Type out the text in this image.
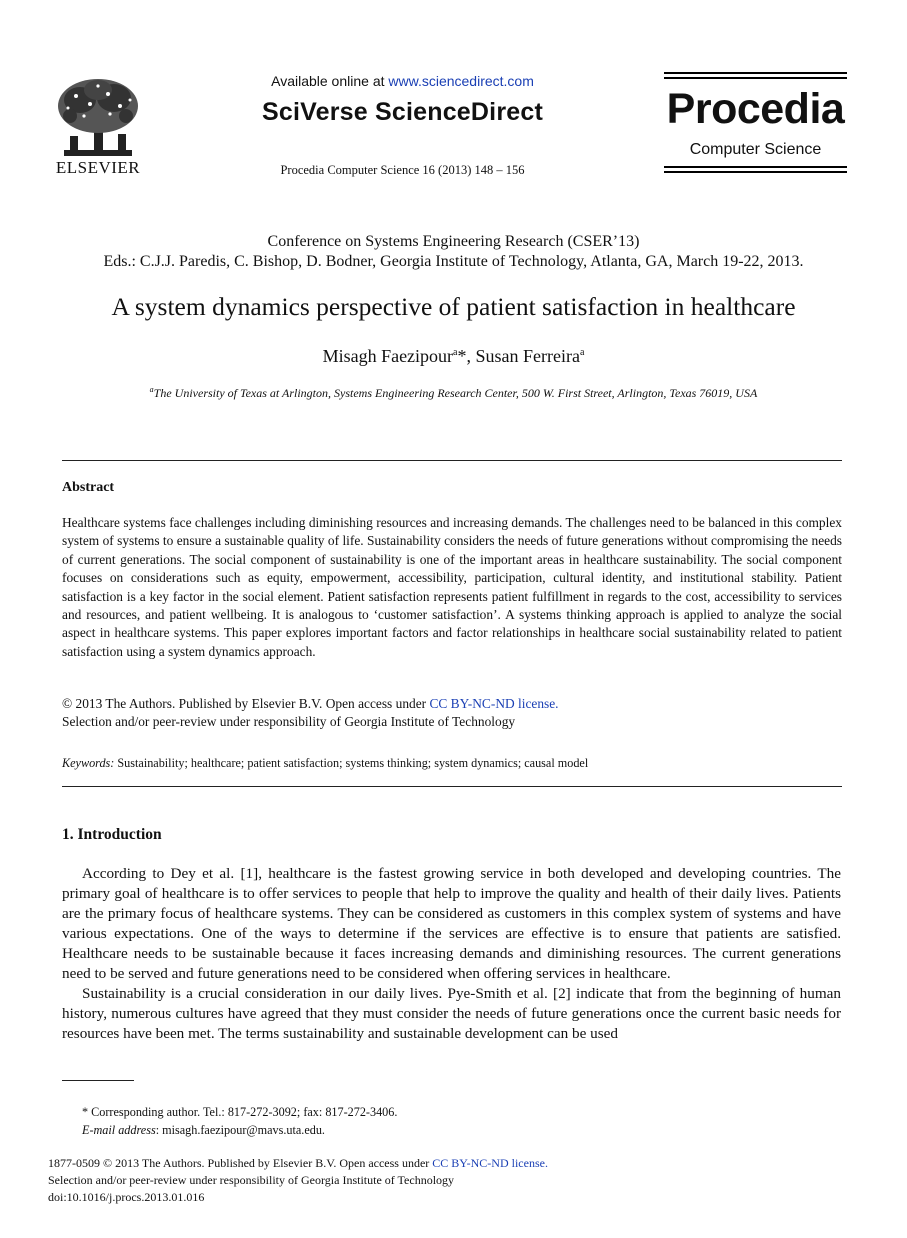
ELSEVIER
Available online at www.sciencedirect.com
SciVerse ScienceDirect
Procedia Computer Science 16 (2013) 148 – 156
Procedia
Computer Science
Conference on Systems Engineering Research (CSER’13)
Eds.: C.J.J. Paredis, C. Bishop, D. Bodner, Georgia Institute of Technology, Atlanta, GA, March 19-22, 2013.
A system dynamics perspective of patient satisfaction in healthcare
Misagh Faezipour$^a$*, Susan Ferreira$^a$
$^a$The University of Texas at Arlington, Systems Engineering Research Center, 500 W. First Street, Arlington, Texas 76019, USA
Abstract
Healthcare systems face challenges including diminishing resources and increasing demands. The challenges need to be balanced in this complex system of systems to ensure a sustainable quality of life. Sustainability considers the needs of future generations without compromising the needs of current generations. The social component of sustainability is one of the important areas in healthcare sustainability. The social component focuses on considerations such as equity, empowerment, accessibility, participation, cultural identity, and institutional stability. Patient satisfaction is a key factor in the social element. Patient satisfaction represents patient fulfillment in regards to the cost, accessibility to services and resources, and patient wellbeing. It is analogous to ‘customer satisfaction’. A systems thinking approach is applied to analyze the social aspect in healthcare systems. This paper explores important factors and factor relationships in healthcare social sustainability related to patient satisfaction using a system dynamics approach.
© 2013 The Authors. Published by Elsevier B.V. Open access under CC BY-NC-ND license.
Selection and/or peer-review under responsibility of Georgia Institute of Technology
Keywords: Sustainability; healthcare; patient satisfaction; systems thinking; system dynamics; causal model
1. Introduction

According to Dey et al. [1], healthcare is the fastest growing service in both developed and developing countries. The primary goal of healthcare is to offer services to people that help to improve the quality and health of their daily lives. Patients are the primary focus of healthcare systems. They can be considered as customers in this complex system of systems and have various expectations. One of the ways to determine if the services are effective is to ensure that patients are satisfied. Healthcare needs to be sustainable because it faces increasing demands and diminishing resources. The current generations need to be served and future generations need to be considered when offering services in healthcare.

Sustainability is a crucial consideration in our daily lives. Pye-Smith et al. [2] indicate that from the beginning of human history, numerous cultures have agreed that they must consider the needs of future generations once the current basic needs for resources have been met. The terms sustainability and sustainable development can be used

* Corresponding author. Tel.: 817-272-3092; fax: 817-272-3406.
E-mail address: misagh.faezipour@mavs.uta.edu.
1877-0509 © 2013 The Authors. Published by Elsevier B.V. Open access under CC BY-NC-ND license.
Selection and/or peer-review under responsibility of Georgia Institute of Technology
doi:10.1016/j.procs.2013.01.016
